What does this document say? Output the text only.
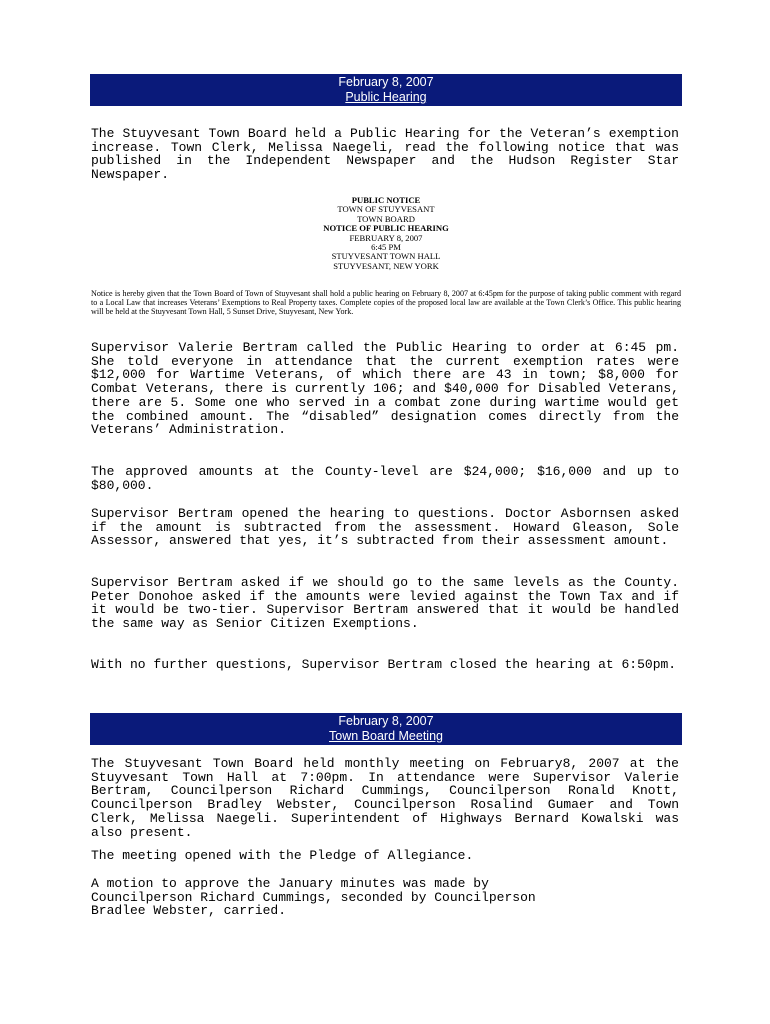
February 8, 2007
Public Hearing

The Stuyvesant Town Board held a Public Hearing for the Veteran’s exemption increase. Town Clerk, Melissa Naegeli, read the following notice that was published in the Independent Newspaper and the Hudson Register Star Newspaper.

PUBLIC NOTICE
TOWN OF STUYVESANT
TOWN BOARD
NOTICE OF PUBLIC HEARING
FEBRUARY 8, 2007
6:45 PM
STUYVESANT TOWN HALL
STUYVESANT, NEW YORK

Notice is hereby given that the Town Board of Town of Stuyvesant shall hold a public hearing on February 8, 2007 at 6:45pm for the purpose of taking public comment with regard to a Local Law that increases Veterans’ Exemptions to Real Property taxes. Complete copies of the proposed local law are available at the Town Clerk’s Office. This public hearing will be held at the Stuyvesant Town Hall, 5 Sunset Drive, Stuyvesant, New York.

Supervisor Valerie Bertram called the Public Hearing to order at 6:45 pm. She told everyone in attendance that the current exemption rates were $12,000 for Wartime Veterans, of which there are 43 in town; $8,000 for Combat Veterans, there is currently 106; and $40,000 for Disabled Veterans, there are 5. Some one who served in a combat zone during wartime would get the combined amount. The “disabled” designation comes directly from the Veterans’ Administration.

The approved amounts at the County-level are $24,000; $16,000 and up to $80,000.

Supervisor Bertram opened the hearing to questions. Doctor Asbornsen asked if the amount is subtracted from the assessment. Howard Gleason, Sole Assessor, answered that yes, it’s subtracted from their assessment amount.

Supervisor Bertram asked if we should go to the same levels as the County. Peter Donohoe asked if the amounts were levied against the Town Tax and if it would be two-tier. Supervisor Bertram answered that it would be handled the same way as Senior Citizen Exemptions.

With no further questions, Supervisor Bertram closed the hearing at 6:50pm.

February 8, 2007
Town Board Meeting

The Stuyvesant Town Board held monthly meeting on February8, 2007 at the Stuyvesant Town Hall at 7:00pm. In attendance were Supervisor Valerie Bertram, Councilperson Richard Cummings, Councilperson Ronald Knott, Councilperson Bradley Webster, Councilperson Rosalind Gumaer and Town Clerk, Melissa Naegeli. Superintendent of Highways Bernard Kowalski was also present.

The meeting opened with the Pledge of Allegiance.

A motion to approve the January minutes was made by
Councilperson Richard Cummings, seconded by Councilperson
Bradlee Webster, carried.
